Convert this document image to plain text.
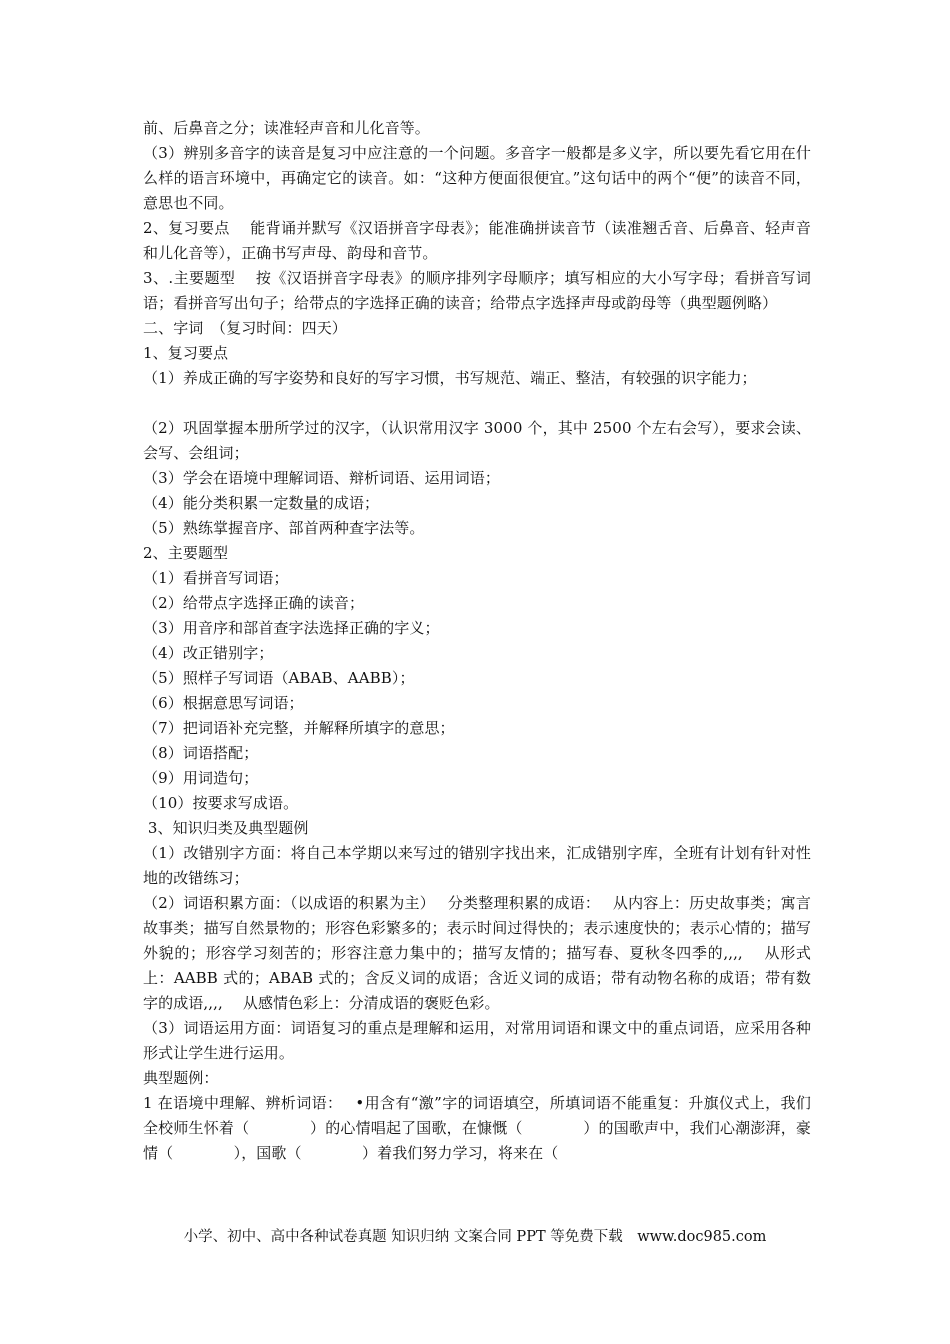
前、后鼻音之分；读准轻声音和儿化音等。

（3）辨别多音字的读音是复习中应注意的一个问题。多音字一般都是多义字，所以要先看它用在什么样的语言环境中，再确定它的读音。如：“这种方便面很便宜。”这句话中的两个“便”的读音不同，意思也不同。

2、复习要点　 能背诵并默写《汉语拼音字母表》；能准确拼读音节（读准翘舌音、后鼻音、轻声音和儿化音等），正确书写声母、韵母和音节。

3、.主要题型　 按《汉语拼音字母表》的顺序排列字母顺序；填写相应的大小写字母；看拼音写词语；看拼音写出句子；给带点的字选择正确的读音；给带点字选择声母或韵母等（典型题例略）

二、字词　（复习时间：四天）

1、复习要点

（1）养成正确的写字姿势和良好的写字习惯，书写规范、端正、整洁，有较强的识字能力；

（2）巩固掌握本册所学过的汉字，（认识常用汉字 3000 个，其中 2500 个左右会写），要求会读、会写、会组词；

（3）学会在语境中理解词语、辩析词语、运用词语；

（4）能分类积累一定数量的成语；

（5）熟练掌握音序、部首两种查字法等。

2、主要题型

（1）看拼音写词语；

（2）给带点字选择正确的读音；

（3）用音序和部首查字法选择正确的字义；

（4）改正错别字；

（5）照样子写词语（ABAB、AABB）；

（6）根据意思写词语；

（7）把词语补充完整，并解释所填字的意思；

（8）词语搭配；

（9）用词造句；

（10）按要求写成语。

3、知识归类及典型题例

（1）改错别字方面：将自己本学期以来写过的错别字找出来，汇成错别字库，全班有计划有针对性地的改错练习；

（2）词语积累方面：（以成语的积累为主）　 分类整理积累的成语：　 从内容上：历史故事类；寓言故事类；描写自然景物的；形容色彩繁多的；表示时间过得快的；表示速度快的；表示心情的；描写外貌的；形容学习刻苦的；形容注意力集中的；描写友情的；描写春、夏秋冬四季的,,,,　 从形式上：AABB 式的；ABAB 式的；含反义词的成语；含近义词的成语；带有动物名称的成语；带有数字的成语,,,,　 从感情色彩上：分清成语的褒贬色彩。

（3）词语运用方面：词语复习的重点是理解和运用，对常用词语和课文中的重点词语，应采用各种形式让学生进行运用。

典型题例：

1 在语境中理解、辨析词语：　 •用含有“激”字的词语填空，所填词语不能重复：升旗仪式上，我们全校师生怀着（　　　　）的心情唱起了国歌，在慷慨（　　　　）的国歌声中，我们心潮澎湃，豪情（　　　　），国歌（　　　　）着我们努力学习，将来在（

小学、初中、高中各种试卷真题 知识归纳 文案合同 PPT 等免费下载　www.doc985.com
